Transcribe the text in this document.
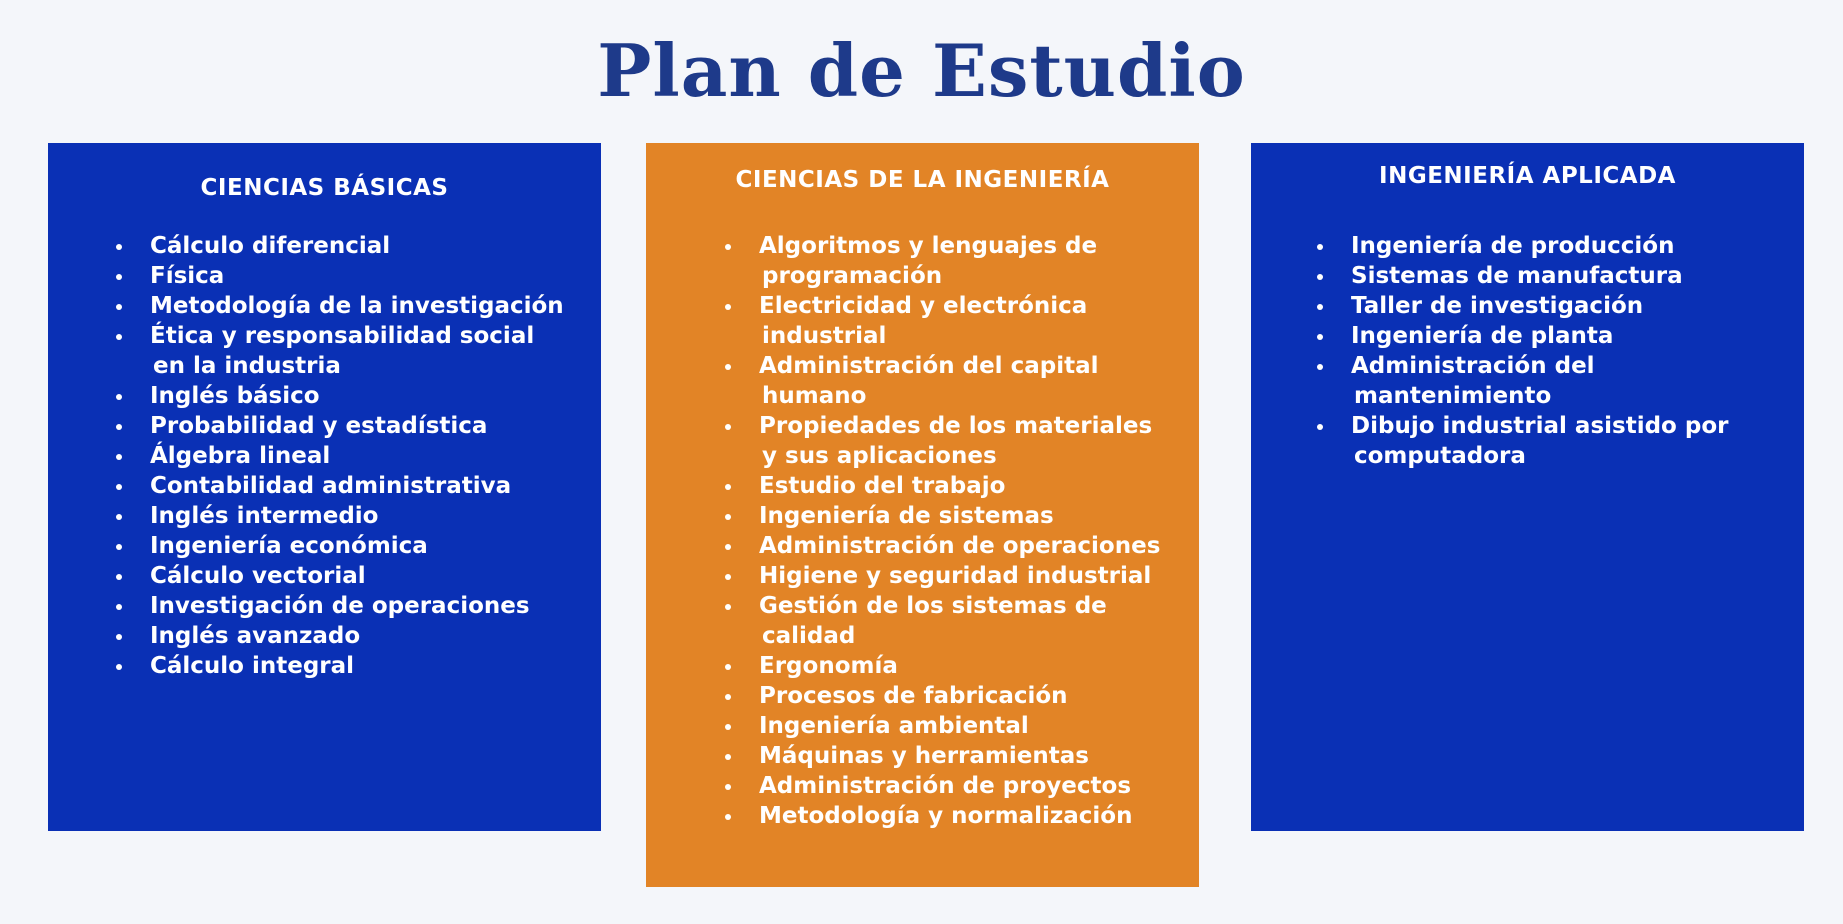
Plan de Estudio
CIENCIAS BÁSICAS
Cálculo diferencial
Física
Metodología de la investigación
Ética y responsabilidad social
en la industria
Inglés básico
Probabilidad y estadística
Álgebra lineal
Contabilidad administrativa
Inglés intermedio
Ingeniería económica
Cálculo vectorial
Investigación de operaciones
Inglés avanzado
Cálculo integral
CIENCIAS DE LA INGENIERÍA
Algoritmos y lenguajes de
programación
Electricidad y electrónica
industrial
Administración del capital
humano
Propiedades de los materiales
y sus aplicaciones
Estudio del trabajo
Ingeniería de sistemas
Administración de operaciones
Higiene y seguridad industrial
Gestión de los sistemas de
calidad
Ergonomía
Procesos de fabricación
Ingeniería ambiental
Máquinas y herramientas
Administración de proyectos
Metodología y normalización
INGENIERÍA APLICADA
Ingeniería de producción
Sistemas de manufactura
Taller de investigación
Ingeniería de planta
Administración del
mantenimiento
Dibujo industrial asistido por
computadora
